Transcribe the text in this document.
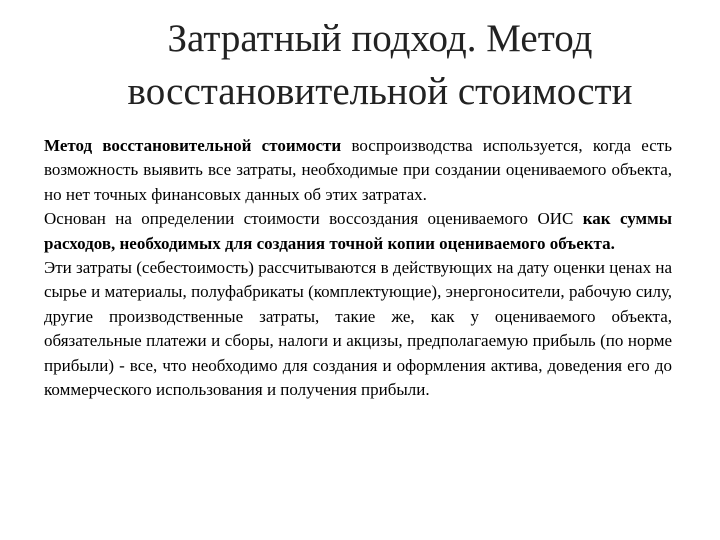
Затратный подход. Метод
восстановительной стоимости

Метод восстановительной стоимости воспроизводства используется, когда есть возможность выявить все затраты, необходимые при создании оцениваемого объекта, но нет точных финансовых данных об этих затратах.

Основан на определении стоимости воссоздания оцениваемого ОИС как суммы расходов, необходимых для создания точной копии оцениваемого объекта.

Эти затраты (себестоимость) рассчитываются в действующих на дату оценки ценах на сырье и материалы, полуфабрикаты (комплектующие), энергоносители, рабочую силу, другие производственные затраты, такие же, как у оцениваемого объекта, обязательные платежи и сборы, налоги и акцизы, предполагаемую прибыль (по норме прибыли) - все, что необходимо для создания и оформления актива, доведения его до коммерческого использования и получения прибыли.
